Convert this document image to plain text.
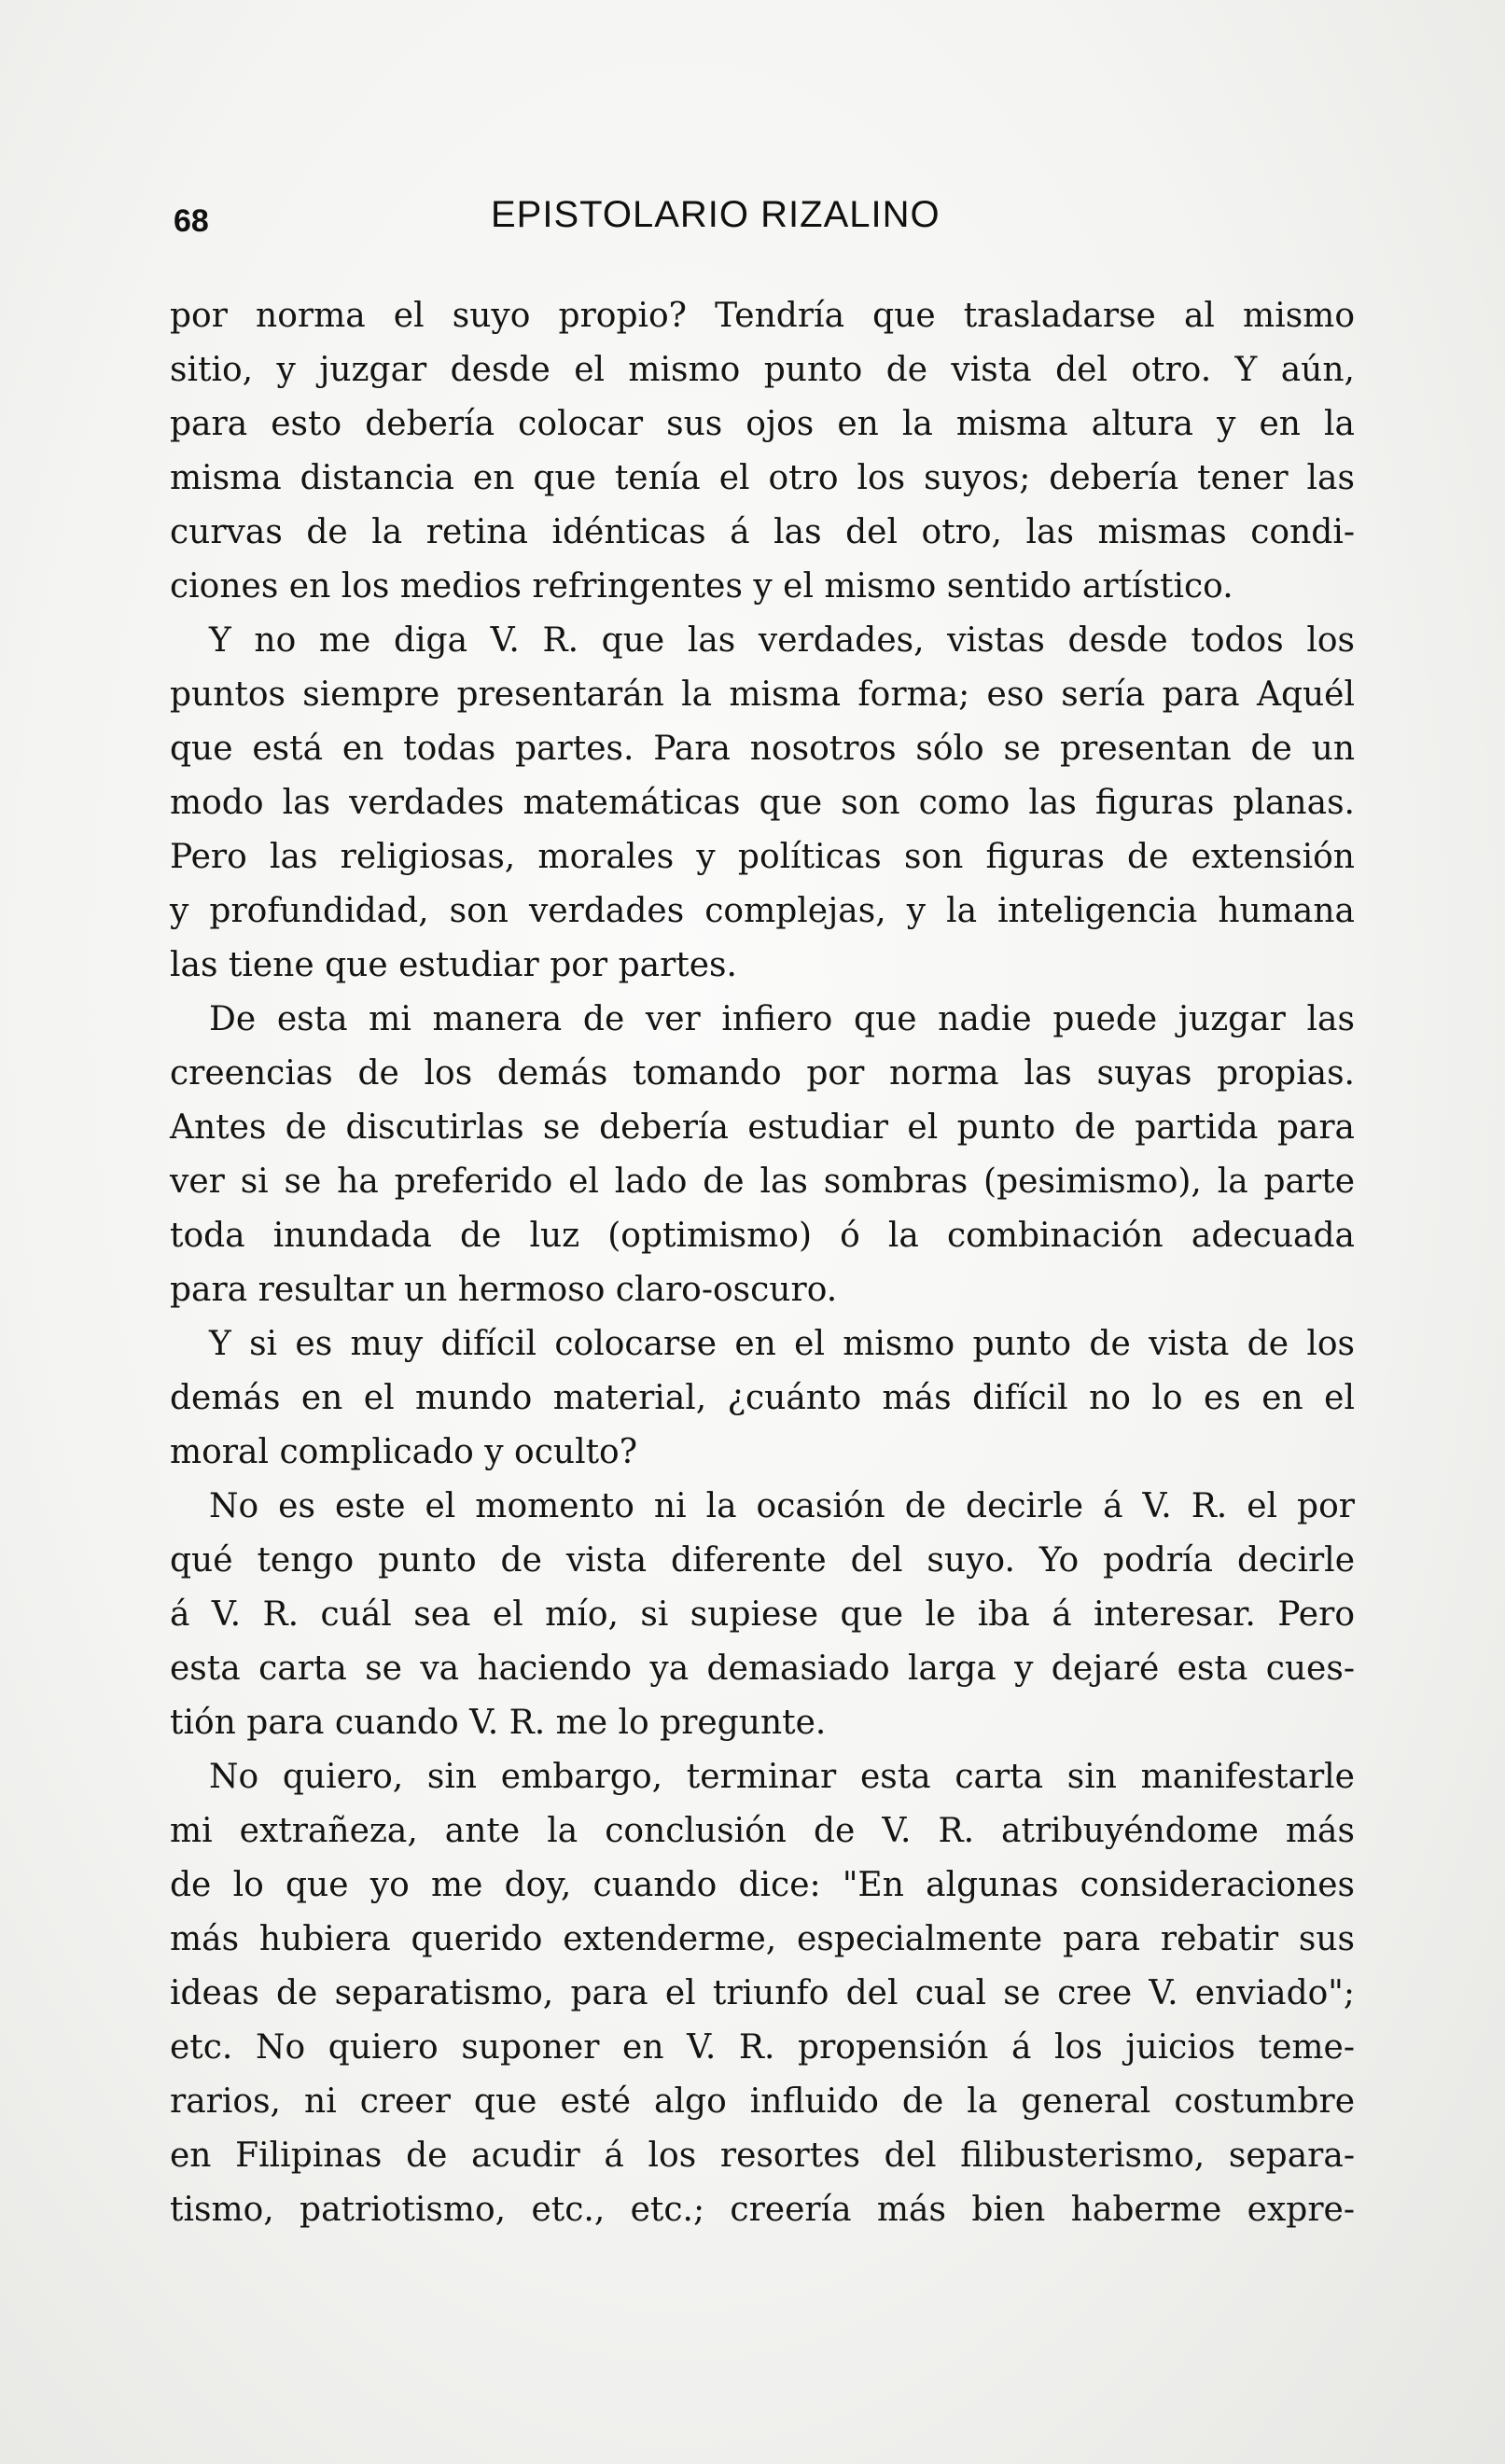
68	EPISTOLARIO RIZALINO
por norma el suyo propio? Tendría que trasladarse al mismo
sitio, y juzgar desde el mismo punto de vista del otro. Y aún,
para esto debería colocar sus ojos en la misma altura y en la
misma distancia en que tenía el otro los suyos; debería tener las
curvas de la retina idénticas á las del otro, las mismas condi-
ciones en los medios refringentes y el mismo sentido artístico.
Y no me diga V. R. que las verdades, vistas desde todos los
puntos siempre presentarán la misma forma; eso sería para Aquél
que está en todas partes. Para nosotros sólo se presentan de un
modo las verdades matemáticas que son como las figuras planas.
Pero las religiosas, morales y políticas son figuras de extensión
y profundidad, son verdades complejas, y la inteligencia humana
las tiene que estudiar por partes.
De esta mi manera de ver infiero que nadie puede juzgar las
creencias de los demás tomando por norma las suyas propias.
Antes de discutirlas se debería estudiar el punto de partida para
ver si se ha preferido el lado de las sombras (pesimismo), la parte
toda inundada de luz (optimismo) ó la combinación adecuada
para resultar un hermoso claro-oscuro.
Y si es muy difícil colocarse en el mismo punto de vista de los
demás en el mundo material, ¿cuánto más difícil no lo es en el
moral complicado y oculto?
No es este el momento ni la ocasión de decirle á V. R. el por
qué tengo punto de vista diferente del suyo. Yo podría decirle
á V. R. cuál sea el mío, si supiese que le iba á interesar. Pero
esta carta se va haciendo ya demasiado larga y dejaré esta cues-
tión para cuando V. R. me lo pregunte.
No quiero, sin embargo, terminar esta carta sin manifestarle
mi extrañeza, ante la conclusión de V. R. atribuyéndome más
de lo que yo me doy, cuando dice: "En algunas consideraciones
más hubiera querido extenderme, especialmente para rebatir sus
ideas de separatismo, para el triunfo del cual se cree V. enviado";
etc. No quiero suponer en V. R. propensión á los juicios teme-
rarios, ni creer que esté algo influido de la general costumbre
en Filipinas de acudir á los resortes del filibusterismo, separa-
tismo, patriotismo, etc., etc.; creería más bien haberme expre-
